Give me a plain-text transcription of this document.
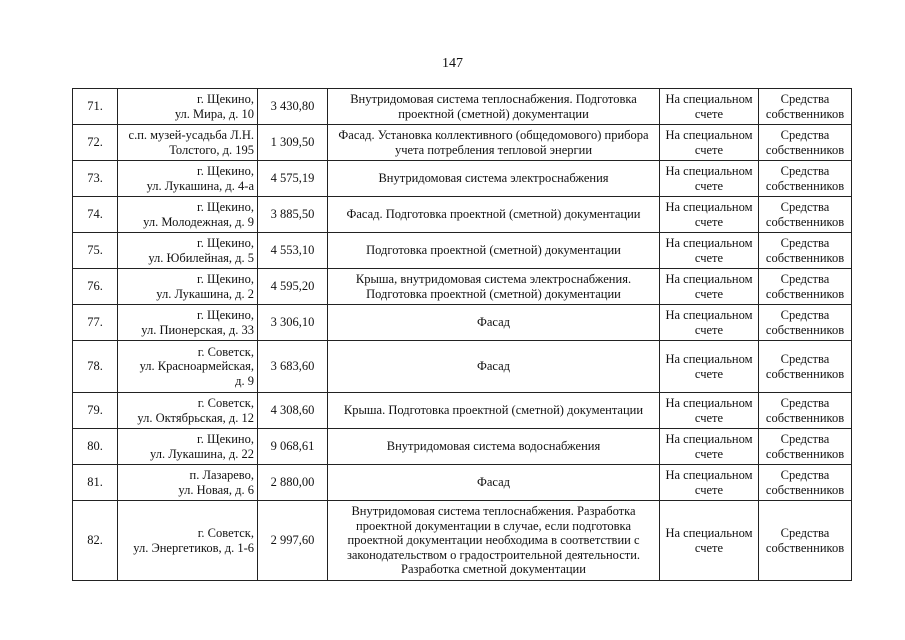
147
71.	г. Щекино,
ул. Мира, д. 10	3 430,80	Внутридомовая система теплоснабжения. Подготовка проектной (сметной) документации	На специальном счете	Средства собственников
72.	с.п. музей-усадьба Л.Н.
Толстого, д. 195	1 309,50	Фасад. Установка коллективного (общедомового) прибора учета потребления тепловой энергии	На специальном счете	Средства собственников
73.	г. Щекино,
ул. Лукашина, д. 4-а	4 575,19	Внутридомовая система электроснабжения	На специальном счете	Средства собственников
74.	г. Щекино,
ул. Молодежная, д. 9	3 885,50	Фасад. Подготовка проектной (сметной) документации	На специальном счете	Средства собственников
75.	г. Щекино,
ул. Юбилейная, д. 5	4 553,10	Подготовка проектной (сметной) документации	На специальном счете	Средства собственников
76.	г. Щекино,
ул. Лукашина, д. 2	4 595,20	Крыша, внутридомовая система электроснабжения. Подготовка проектной (сметной) документации	На специальном счете	Средства собственников
77.	г. Щекино,
ул. Пионерская, д. 33	3 306,10	Фасад	На специальном счете	Средства собственников
78.	г. Советск,
ул. Красноармейская,
д. 9	3 683,60	Фасад	На специальном счете	Средства собственников
79.	г. Советск,
ул. Октябрьская, д. 12	4 308,60	Крыша. Подготовка проектной (сметной) документации	На специальном счете	Средства собственников
80.	г. Щекино,
ул. Лукашина, д. 22	9 068,61	Внутридомовая система водоснабжения	На специальном счете	Средства собственников
81.	п. Лазарево,
ул. Новая, д. 6	2 880,00	Фасад	На специальном счете	Средства собственников
82.	г. Советск,
ул. Энергетиков, д. 1-6	2 997,60	Внутридомовая система теплоснабжения. Разработка проектной документации в случае, если подготовка проектной документации необходима в соответствии с законодательством о градостроительной деятельности. Разработка сметной документации	На специальном счете	Средства собственников
